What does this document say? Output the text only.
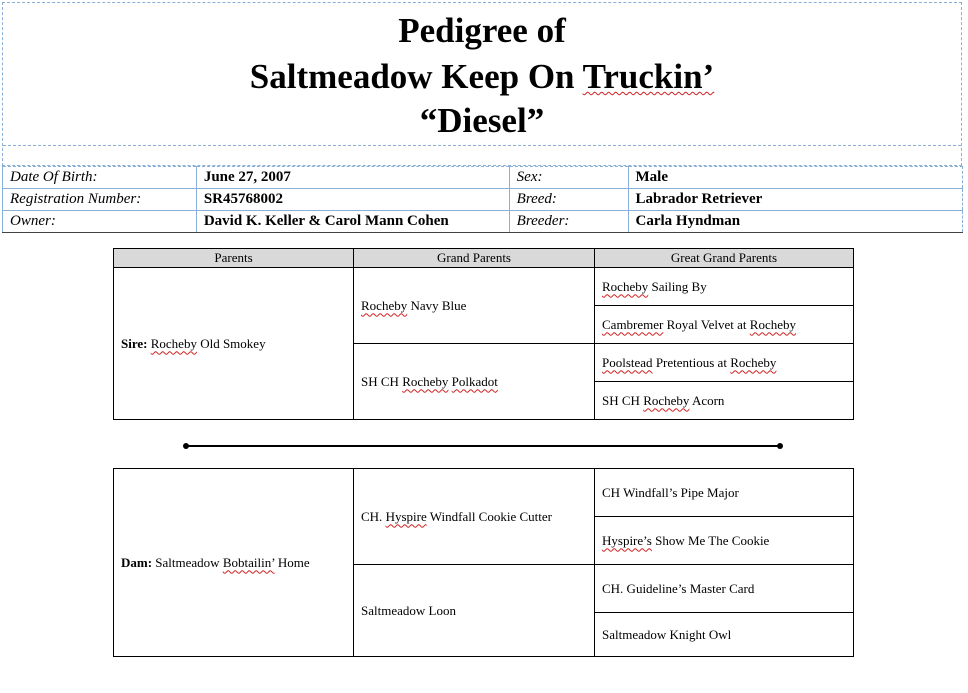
Pedigree of
Saltmeadow Keep On Truckin’
“Diesel”
Date Of Birth:	June 27, 2007	Sex:	Male
Registration Number:	SR45768002	Breed:	Labrador Retriever
Owner:	David K. Keller & Carol Mann Cohen	Breeder:	Carla Hyndman
Parents	Grand Parents	Great Grand Parents
Sire: Rocheby Old Smokey	Rocheby Navy Blue	Rocheby Sailing By
		Cambremer Royal Velvet at Rocheby
	SH CH Rocheby Polkadot	Poolstead Pretentious at Rocheby
		SH CH Rocheby Acorn
Dam: Saltmeadow Bobtailin’ Home	CH. Hyspire Windfall Cookie Cutter	CH Windfall’s Pipe Major
		Hyspire’s Show Me The Cookie
	Saltmeadow Loon	CH. Guideline’s Master Card
		Saltmeadow Knight Owl
